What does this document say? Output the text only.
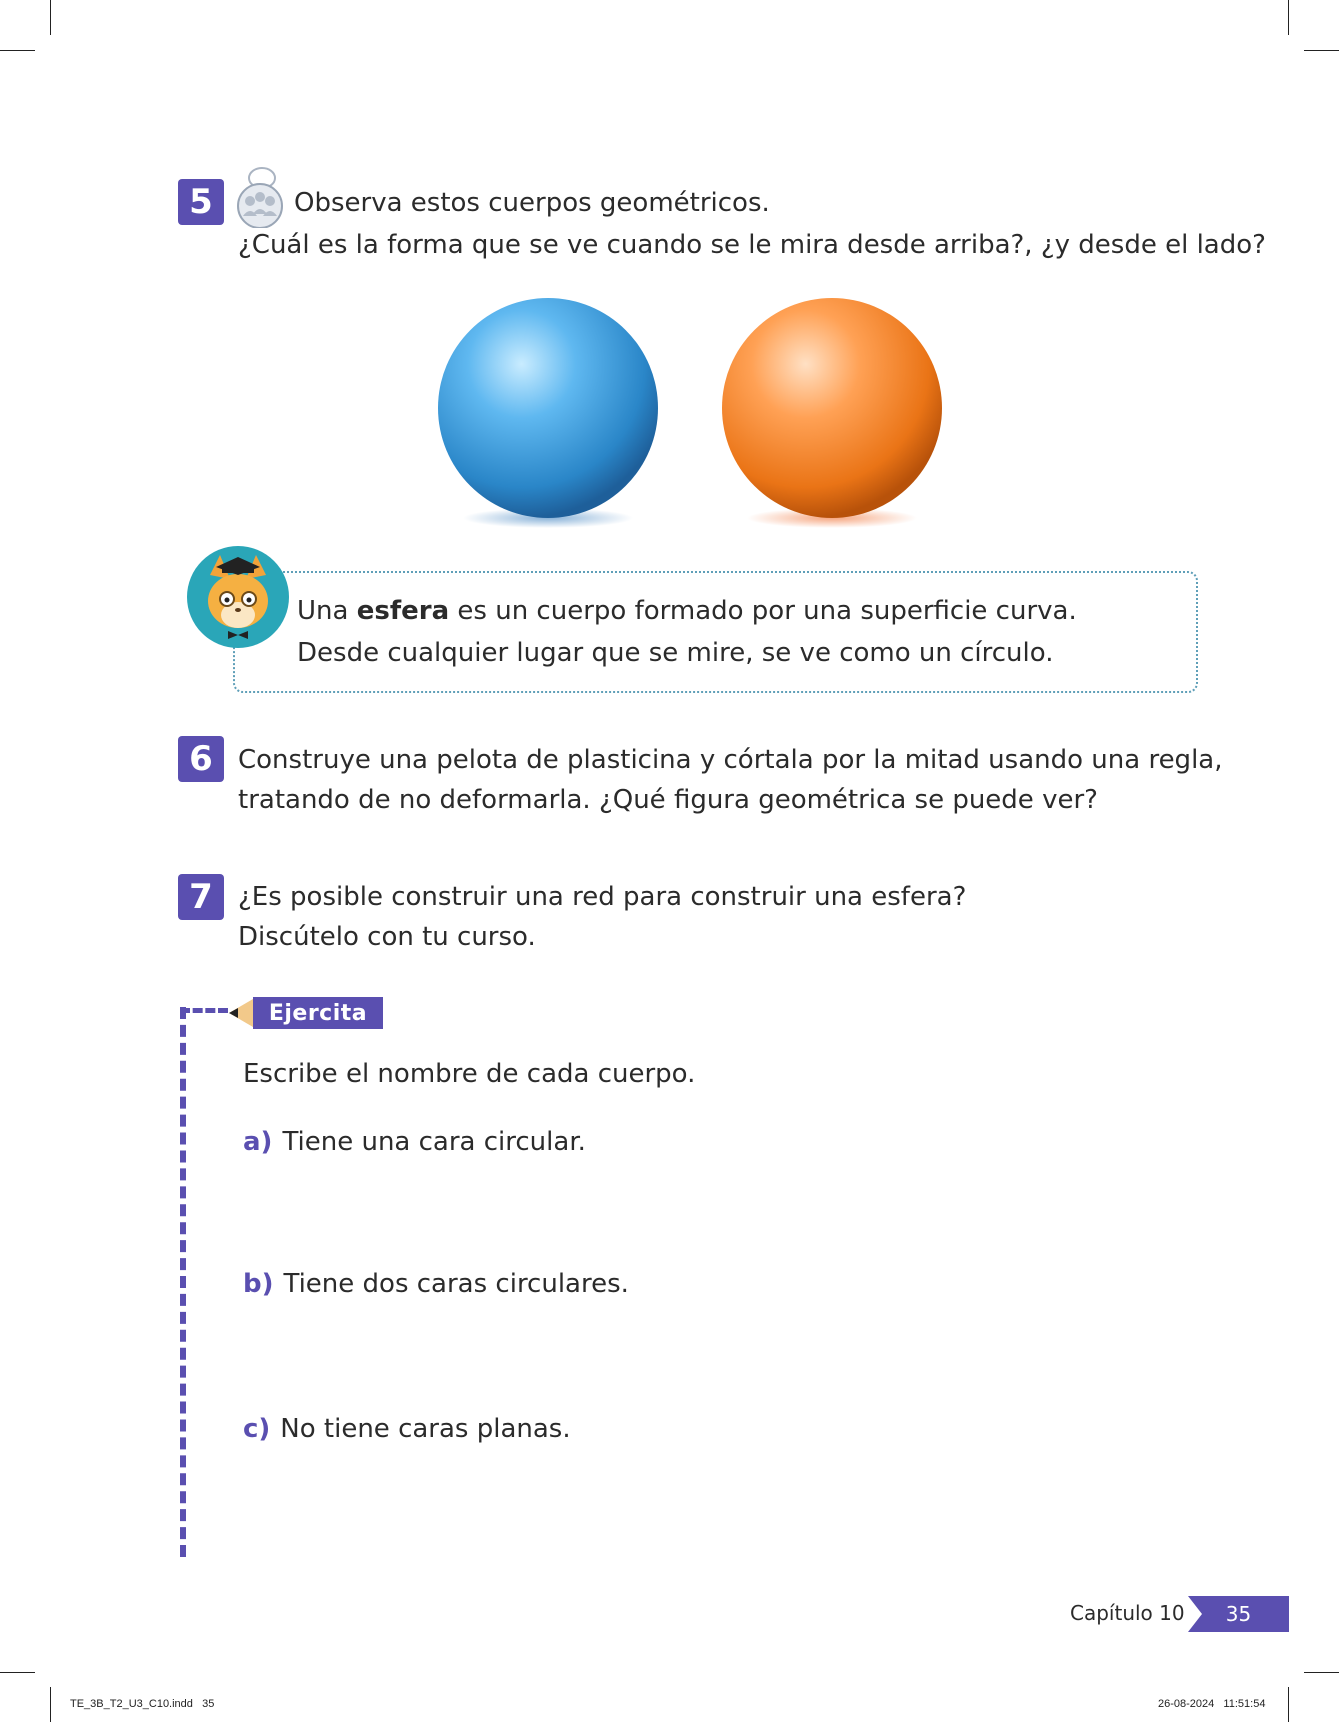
5	Observa estos cuerpos geométricos.
¿Cuál es la forma que se ve cuando se le mira desde arriba?, ¿y desde el lado?
Una esfera es un cuerpo formado por una superficie curva.
Desde cualquier lugar que se mire, se ve como un círculo.
6 Construye una pelota de plasticina y córtala por la mitad usando una regla,
tratando de no deformarla. ¿Qué figura geométrica se puede ver?
7 ¿Es posible construir una red para construir una esfera?
Discútelo con tu curso.
Ejercita
Escribe el nombre de cada cuerpo.
a) Tiene una cara circular.
b) Tiene dos caras circulares.
c) No tiene caras planas.
Capítulo 10	35
TE_3B_T2_U3_C10.indd   35	26-08-2024   11:51:54
